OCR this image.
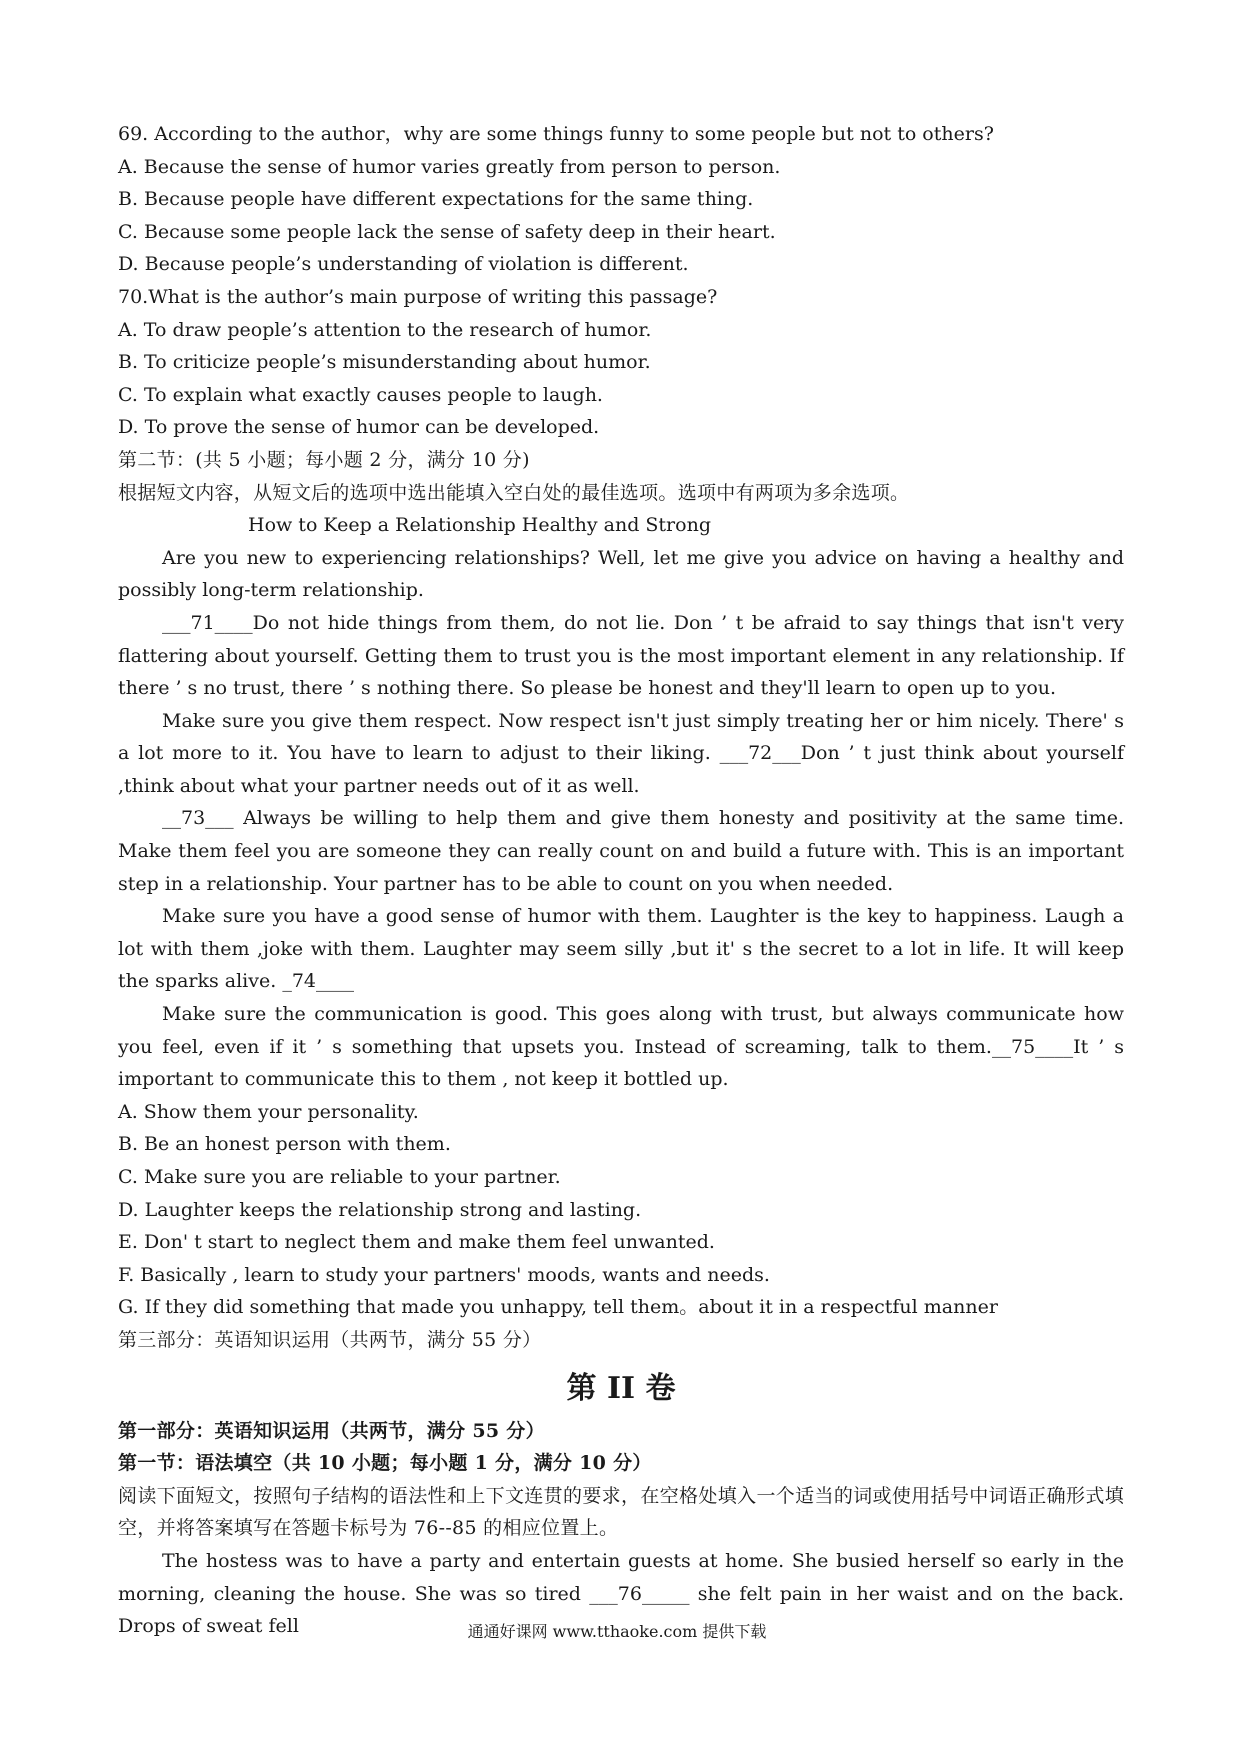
69. According to the author，why are some things funny to some people but not to others?

A. Because the sense of humor varies greatly from person to person.

B. Because people have different expectations for the same thing.

C. Because some people lack the sense of safety deep in their heart.

D. Because people’s understanding of violation is different.

70.What is the author’s main purpose of writing this passage?

A. To draw people’s attention to the research of humor.

B. To criticize people’s misunderstanding about humor.

C. To explain what exactly causes people to laugh.

D. To prove the sense of humor can be developed.

第二节：(共 5 小题；每小题 2 分，满分 10 分)

根据短文内容，从短文后的选项中选出能填入空白处的最佳选项。选项中有两项为多余选项。

How to Keep a Relationship Healthy and Strong

Are you new to experiencing relationships? Well, let me give you advice on having a healthy and possibly long-term relationship.

___71____Do not hide things from them, do not lie. Don ’ t be afraid to say things that isn't very flattering about yourself. Getting them to trust you is the most important element in any relationship. If there ’ s no trust, there ’ s nothing there. So please be honest and they'll learn to open up to you.

Make sure you give them respect. Now respect isn't just simply treating her or him nicely. There' s a lot more to it. You have to learn to adjust to their liking. ___72___Don ’ t just think about yourself ,think about what your partner needs out of it as well.

__73___ Always be willing to help them and give them honesty and positivity at the same time. Make them feel you are someone they can really count on and build a future with. This is an important step in a relationship. Your partner has to be able to count on you when needed.

Make sure you have a good sense of humor with them. Laughter is the key to happiness. Laugh a lot with them ,joke with them. Laughter may seem silly ,but it' s the secret to a lot in life. It will keep the sparks alive. _74____

Make sure the communication is good. This goes along with trust, but always communicate how you feel, even if it ’ s something that upsets you. Instead of screaming, talk to them.__75____It ’ s important to communicate this to them , not keep it bottled up.

A. Show them your personality.

B. Be an honest person with them.

C. Make sure you are reliable to your partner.

D. Laughter keeps the relationship strong and lasting.

E. Don' t start to neglect them and make them feel unwanted.

F. Basically , learn to study your partners' moods, wants and needs.

G. If they did something that made you unhappy, tell them。about it in a respectful manner

第三部分：英语知识运用（共两节，满分 55 分）

第 II 卷

第一部分：英语知识运用（共两节，满分 55 分）

第一节：语法填空（共 10 小题；每小题 1 分，满分 10 分）

阅读下面短文，按照句子结构的语法性和上下文连贯的要求，在空格处填入一个适当的词或使用括号中词语正确形式填空，并将答案填写在答题卡标号为 76--85 的相应位置上。

The hostess was to have a party and entertain guests at home. She busied herself so early in the morning, cleaning the house. She was so tired ___76_____ she felt pain in her waist and on the back. Drops of sweat fell	通通好课网 www.tthaoke.com 提供下载
